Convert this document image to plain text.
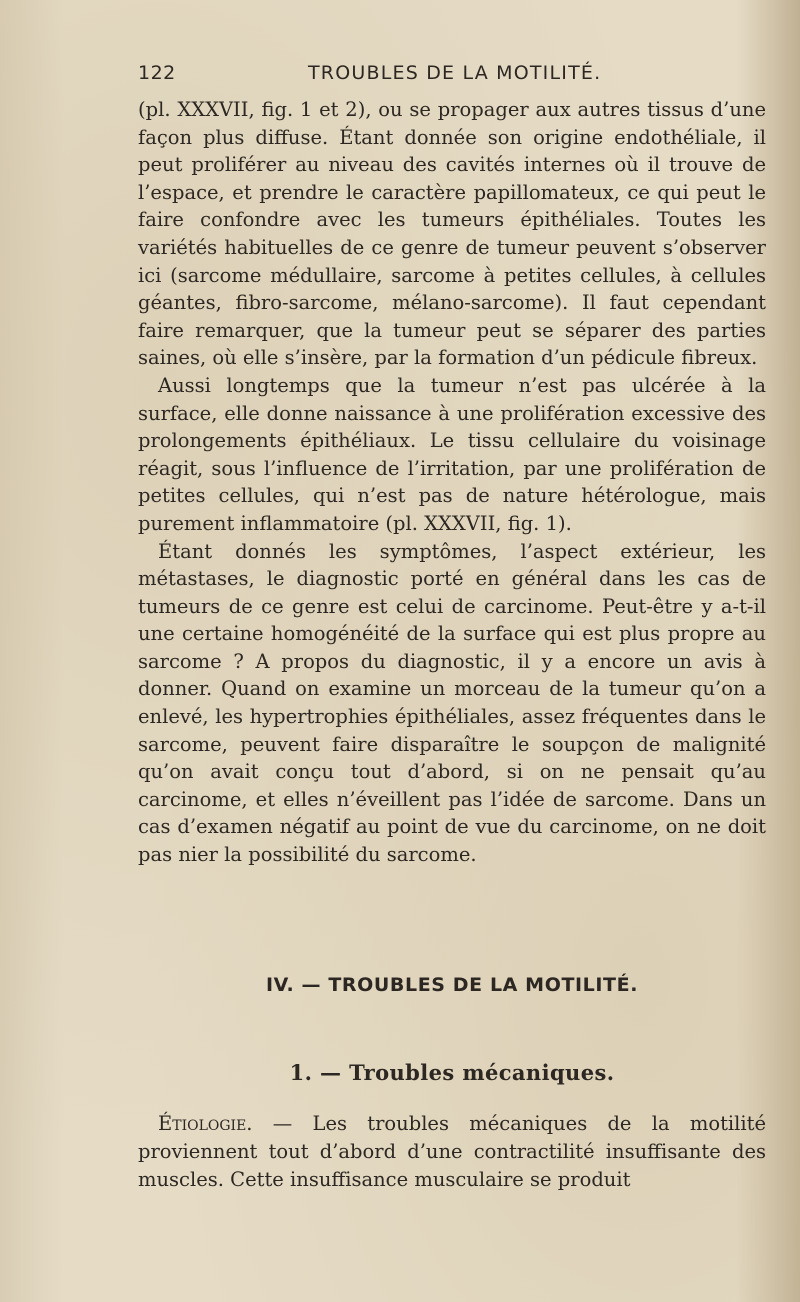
122	TROUBLES DE LA MOTILITÉ.

(pl. XXXVII, fig. 1 et 2), ou se propager aux autres tissus d’une façon plus diffuse. Étant donnée son origine endothéliale, il peut proliférer au niveau des cavités internes où il trouve de l’espace, et prendre le caractère papillomateux, ce qui peut le faire confondre avec les tumeurs épithéliales. Toutes les variétés habituelles de ce genre de tumeur peuvent s’observer ici (sarcome médullaire, sarcome à petites cellules, à cellules géantes, fibro-sarcome, mélano-sarcome). Il faut cependant faire remarquer, que la tumeur peut se séparer des parties saines, où elle s’insère, par la formation d’un pédicule fibreux.

Aussi longtemps que la tumeur n’est pas ulcérée à la surface, elle donne naissance à une prolifération excessive des prolongements épithéliaux. Le tissu cellulaire du voisinage réagit, sous l’influence de l’irritation, par une prolifération de petites cellules, qui n’est pas de nature hétérologue, mais purement inflammatoire (pl. XXXVII, fig. 1).

Étant donnés les symptômes, l’aspect extérieur, les métastases, le diagnostic porté en général dans les cas de tumeurs de ce genre est celui de carcinome. Peut-être y a-t-il une certaine homogénéité de la surface qui est plus propre au sarcome ? A propos du diagnostic, il y a encore un avis à donner. Quand on examine un morceau de la tumeur qu’on a enlevé, les hypertrophies épithéliales, assez fréquentes dans le sarcome, peuvent faire disparaître le soupçon de malignité qu’on avait conçu tout d’abord, si on ne pensait qu’au carcinome, et elles n’éveillent pas l’idée de sarcome. Dans un cas d’examen négatif au point de vue du carcinome, on ne doit pas nier la possibilité du sarcome.

IV. — TROUBLES DE LA MOTILITÉ.
1. — Troubles mécaniques.

Étiologie. — Les troubles mécaniques de la motilité proviennent tout d’abord d’une contractilité insuffisante des muscles. Cette insuffisance musculaire se produit
